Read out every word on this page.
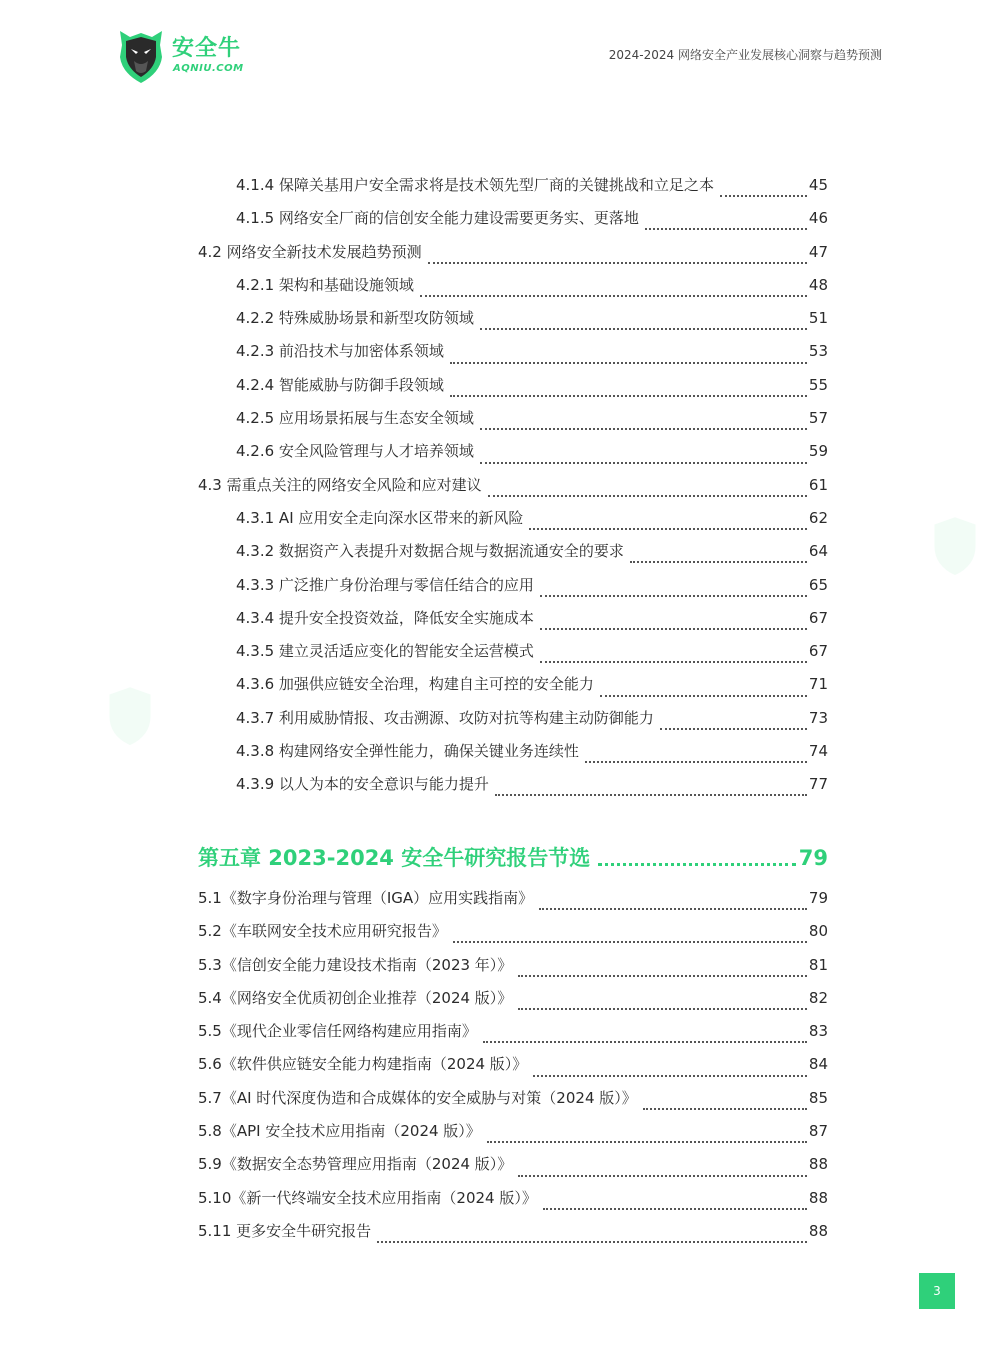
安全牛
AQNIU.COM
2024-2024 网络安全产业发展核心洞察与趋势预测
4.1.4 保障关基用户安全需求将是技术领先型厂商的关键挑战和立足之本	45
4.1.5 网络安全厂商的信创安全能力建设需要更务实、更落地	46
4.2 网络安全新技术发展趋势预测	47
4.2.1 架构和基础设施领域	48
4.2.2 特殊威胁场景和新型攻防领域	51
4.2.3 前沿技术与加密体系领域	53
4.2.4 智能威胁与防御手段领域	55
4.2.5 应用场景拓展与生态安全领域	57
4.2.6 安全风险管理与人才培养领域	59
4.3 需重点关注的网络安全风险和应对建议	61
4.3.1 AI 应用安全走向深水区带来的新风险	62
4.3.2 数据资产入表提升对数据合规与数据流通安全的要求	64
4.3.3 广泛推广身份治理与零信任结合的应用	65
4.3.4 提升安全投资效益，降低安全实施成本	67
4.3.5 建立灵活适应变化的智能安全运营模式	67
4.3.6 加强供应链安全治理，构建自主可控的安全能力	71
4.3.7 利用威胁情报、攻击溯源、攻防对抗等构建主动防御能力	73
4.3.8 构建网络安全弹性能力，确保关键业务连续性	74
4.3.9 以人为本的安全意识与能力提升	77
第五章 2023-2024 安全牛研究报告节选	79
5.1《数字身份治理与管理（IGA）应用实践指南》	79
5.2《车联网安全技术应用研究报告》	80
5.3《信创安全能力建设技术指南（2023 年）》	81
5.4《网络安全优质初创企业推荐（2024 版）》	82
5.5《现代企业零信任网络构建应用指南》	83
5.6《软件供应链安全能力构建指南（2024 版）》	84
5.7《AI 时代深度伪造和合成媒体的安全威胁与对策（2024 版）》	85
5.8《API 安全技术应用指南（2024 版）》	87
5.9《数据安全态势管理应用指南（2024 版）》	88
5.10《新一代终端安全技术应用指南（2024 版）》	88
5.11 更多安全牛研究报告	88
3
